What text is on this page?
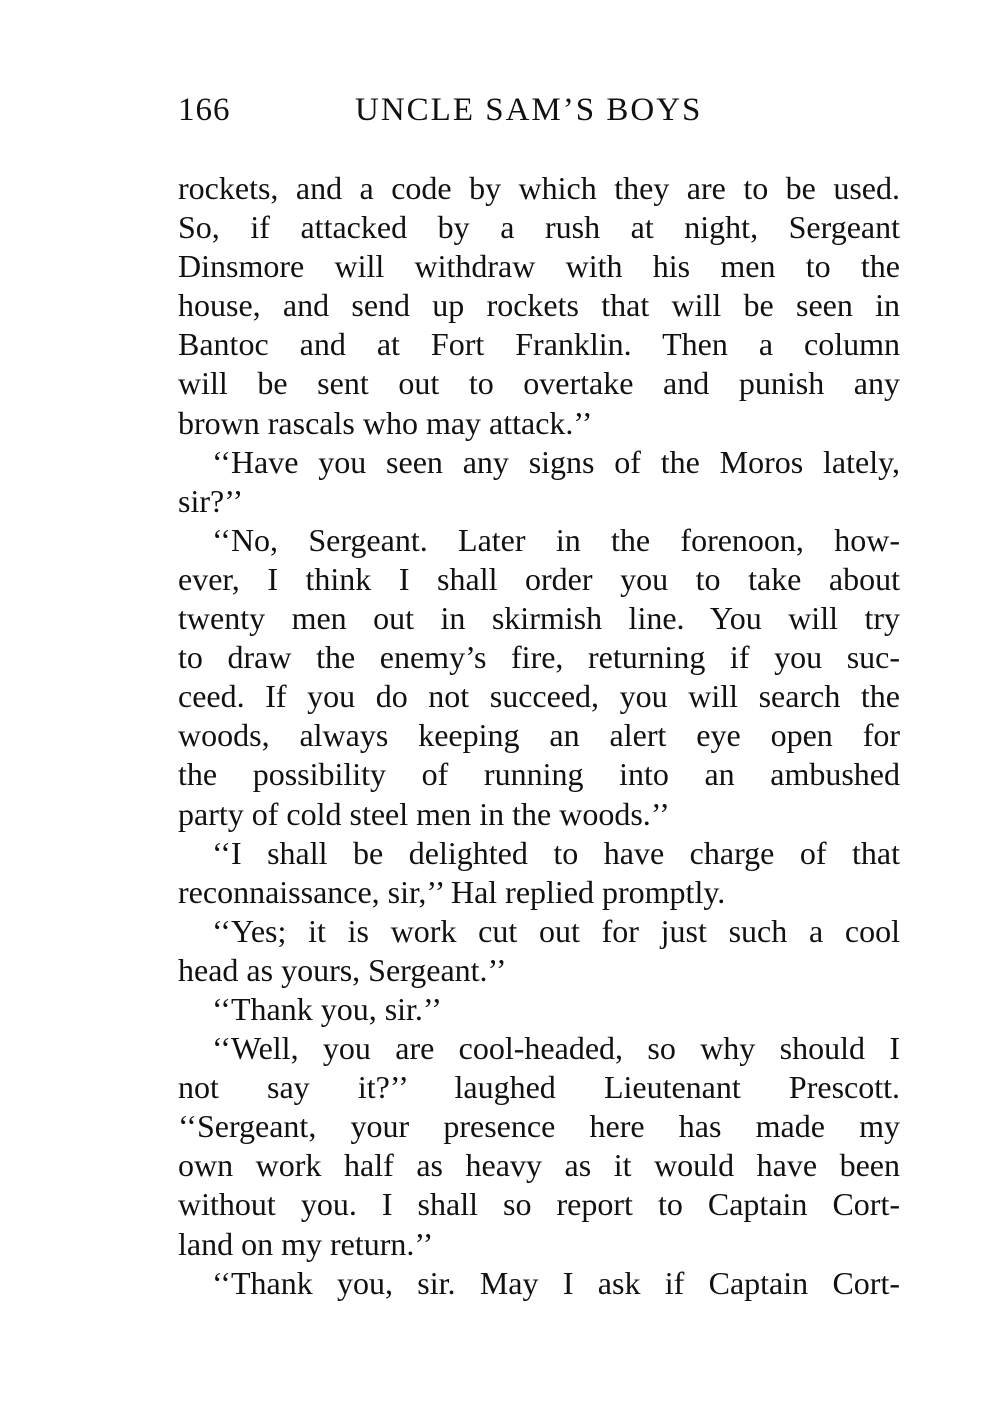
166	UNCLE SAM’S BOYS
rockets, and a code by which they are to be used.
So, if attacked by a rush at night, Sergeant
Dinsmore will withdraw with his men to the
house, and send up rockets that will be seen in
Bantoc and at Fort Franklin. Then a column
will be sent out to overtake and punish any
brown rascals who may attack.’’
‘‘Have you seen any signs of the Moros lately,
sir?’’
‘‘No, Sergeant. Later in the forenoon, how-
ever, I think I shall order you to take about
twenty men out in skirmish line. You will try
to draw the enemy’s fire, returning if you suc-
ceed. If you do not succeed, you will search the
woods, always keeping an alert eye open for
the possibility of running into an ambushed
party of cold steel men in the woods.’’
‘‘I shall be delighted to have charge of that
reconnaissance, sir,’’ Hal replied promptly.
‘‘Yes; it is work cut out for just such a cool
head as yours, Sergeant.’’
‘‘Thank you, sir.’’
‘‘Well, you are cool-headed, so why should I
not say it?’’ laughed Lieutenant Prescott.
‘‘Sergeant, your presence here has made my
own work half as heavy as it would have been
without you. I shall so report to Captain Cort-
land on my return.’’
‘‘Thank you, sir. May I ask if Captain Cort-
